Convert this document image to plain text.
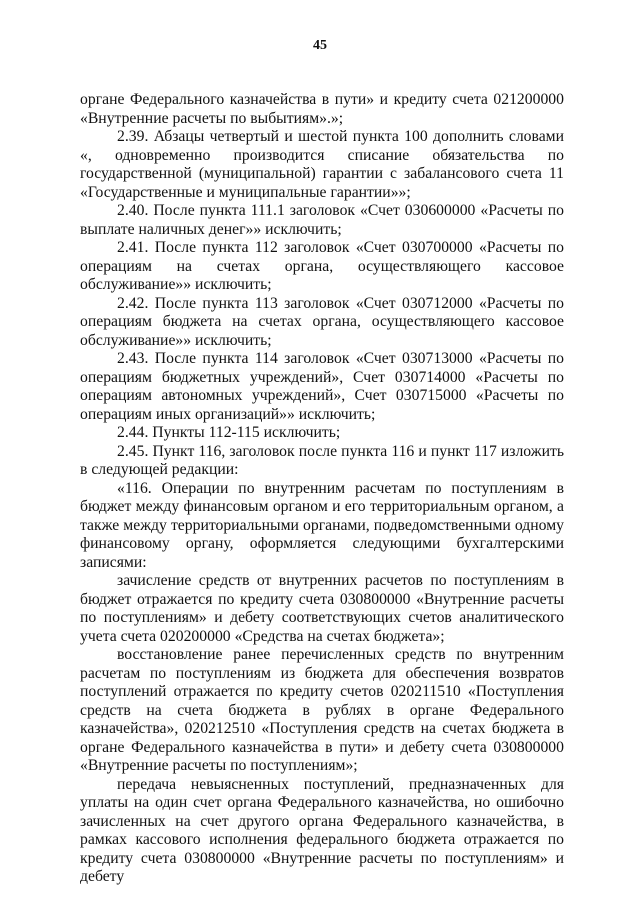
45

органе Федерального казначейства в пути» и кредиту счета 021200000 «Внутренние расчеты по выбытиям».»;

2.39. Абзацы четвертый и шестой пункта 100 дополнить словами «, одновременно производится списание обязательства по государственной (муниципальной) гарантии с забалансового счета 11 «Государственные и муниципальные гарантии»»;

2.40. После пункта 111.1 заголовок «Счет 030600000 «Расчеты по выплате наличных денег»» исключить;

2.41. После пункта 112 заголовок «Счет 030700000 «Расчеты по операциям на счетах органа, осуществляющего кассовое обслуживание»» исключить;

2.42. После пункта 113 заголовок «Счет 030712000 «Расчеты по операциям бюджета на счетах органа, осуществляющего кассовое обслуживание»» исключить;

2.43. После пункта 114 заголовок «Счет 030713000 «Расчеты по операциям бюджетных учреждений», Счет 030714000 «Расчеты по операциям автономных учреждений», Счет 030715000 «Расчеты по операциям иных организаций»» исключить;

2.44. Пункты 112-115 исключить;

2.45. Пункт 116, заголовок после пункта 116 и пункт 117 изложить в следующей редакции:

«116. Операции по внутренним расчетам по поступлениям в бюджет между финансовым органом и его территориальным органом, а также между территориальными органами, подведомственными одному финансовому органу, оформляется следующими бухгалтерскими записями:

зачисление средств от внутренних расчетов по поступлениям в бюджет отражается по кредиту счета 030800000 «Внутренние расчеты по поступлениям» и дебету соответствующих счетов аналитического учета счета 020200000 «Средства на счетах бюджета»;

восстановление ранее перечисленных средств по внутренним расчетам по поступлениям из бюджета для обеспечения возвратов поступлений отражается по кредиту счетов 020211510 «Поступления средств на счета бюджета в рублях в органе Федерального казначейства», 020212510 «Поступления средств на счетах бюджета в органе Федерального казначейства в пути» и дебету счета 030800000 «Внутренние расчеты по поступлениям»;

передача невыясненных поступлений, предназначенных для уплаты на один счет органа Федерального казначейства, но ошибочно зачисленных на счет другого органа Федерального казначейства, в рамках кассового исполнения федерального бюджета отражается по кредиту счета 030800000 «Внутренние расчеты по поступлениям» и дебету
